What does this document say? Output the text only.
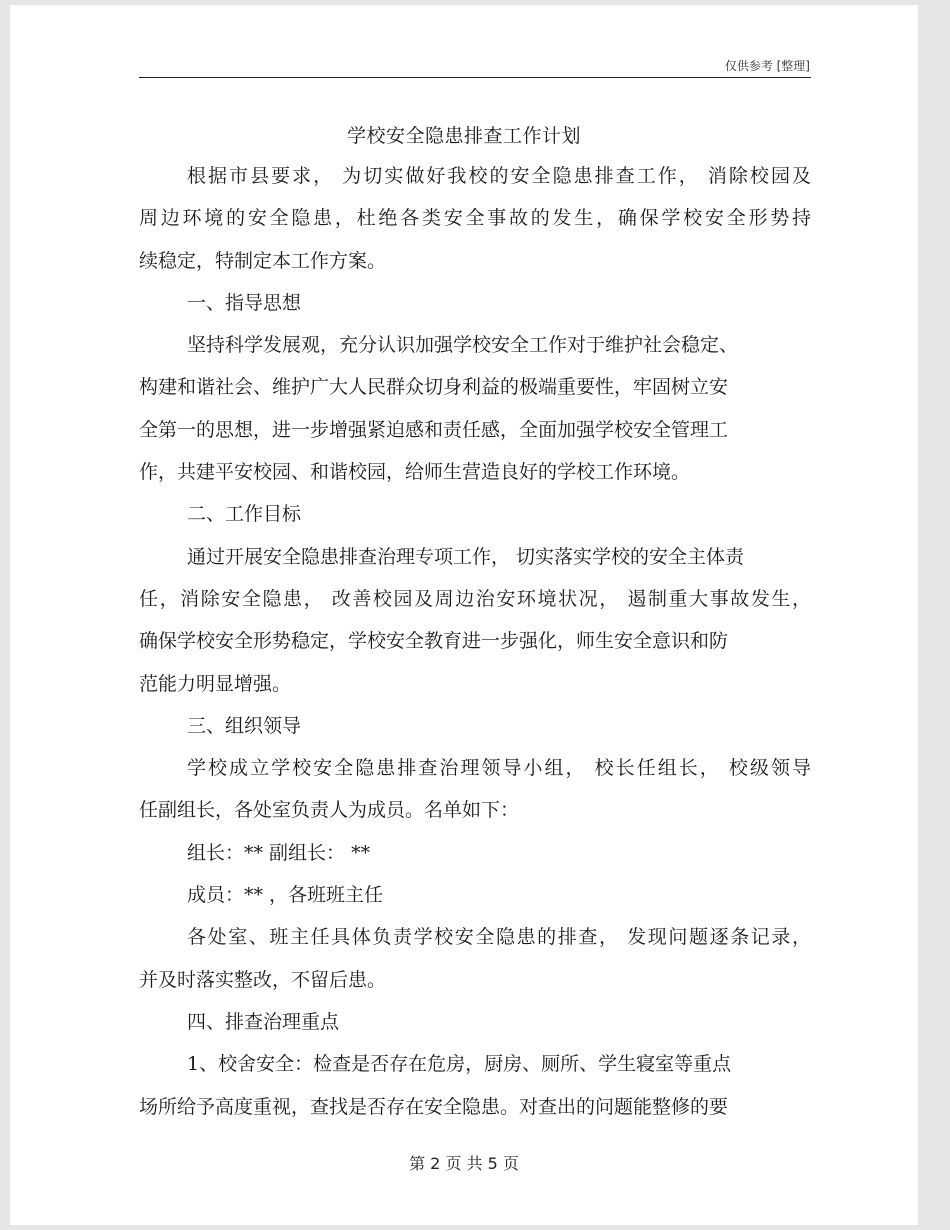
仅供参考 [整理]
学校安全隐患排查工作计划
根据市县要求， 为切实做好我校的安全隐患排查工作， 消除校园及
周边环境的安全隐患，杜绝各类安全事故的发生，确保学校安全形势持
续稳定，特制定本工作方案。
一、指导思想
坚持科学发展观，充分认识加强学校安全工作对于维护社会稳定、
构建和谐社会、维护广大人民群众切身利益的极端重要性，牢固树立安
全第一的思想，进一步增强紧迫感和责任感，全面加强学校安全管理工
作，共建平安校园、和谐校园，给师生营造良好的学校工作环境。
二、工作目标
通过开展安全隐患排查治理专项工作， 切实落实学校的安全主体责
任，消除安全隐患， 改善校园及周边治安环境状况， 遏制重大事故发生，
确保学校安全形势稳定，学校安全教育进一步强化，师生安全意识和防
范能力明显增强。
三、组织领导
学校成立学校安全隐患排查治理领导小组， 校长任组长， 校级领导
任副组长，各处室负责人为成员。名单如下：
组长：** 副组长： **
成员：** ，各班班主任
各处室、班主任具体负责学校安全隐患的排查， 发现问题逐条记录，
并及时落实整改，不留后患。
四、排查治理重点
1、校舍安全：检查是否存在危房，厨房、厕所、学生寝室等重点
场所给予高度重视，查找是否存在安全隐患。对查出的问题能整修的要
第 2 页 共 5 页
